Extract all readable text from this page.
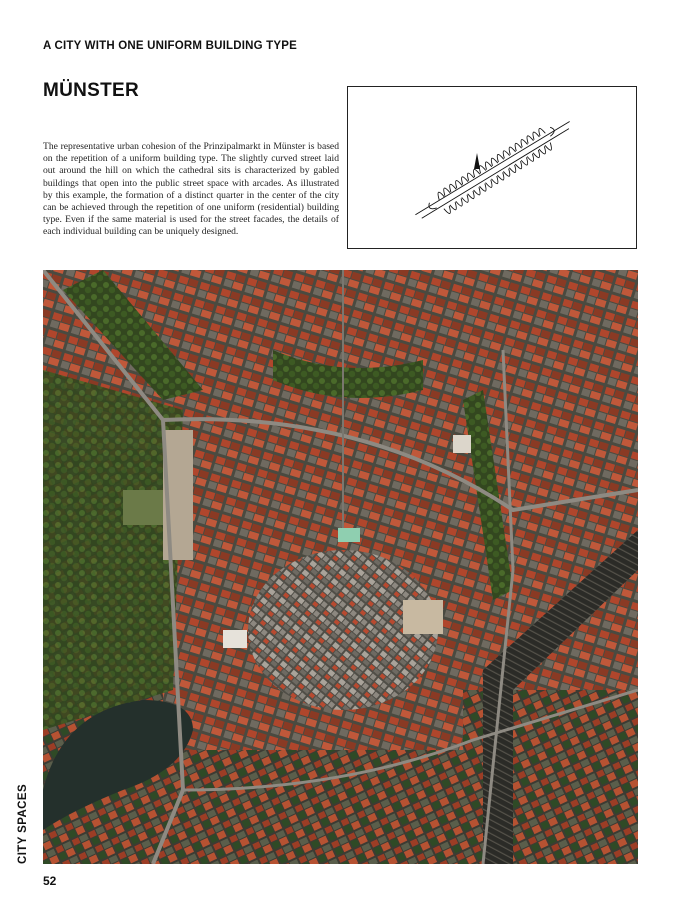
A CITY WITH ONE UNIFORM BUILDING TYPE
MÜNSTER
The representative urban cohesion of the Prinzipalmarkt in Münster is based on the repetition of a uniform building type. The slightly curved street laid out around the hill on which the cathedral sits is characterized by gabled buildings that open into the public street space with arcades. As illustrated by this example, the formation of a distinct quarter in the center of the city can be achieved through the repetition of one uniform (residential) building type. Even if the same material is used for the street facades, the details of each individual building can be uniquely designed.
CITY SPACES
52
